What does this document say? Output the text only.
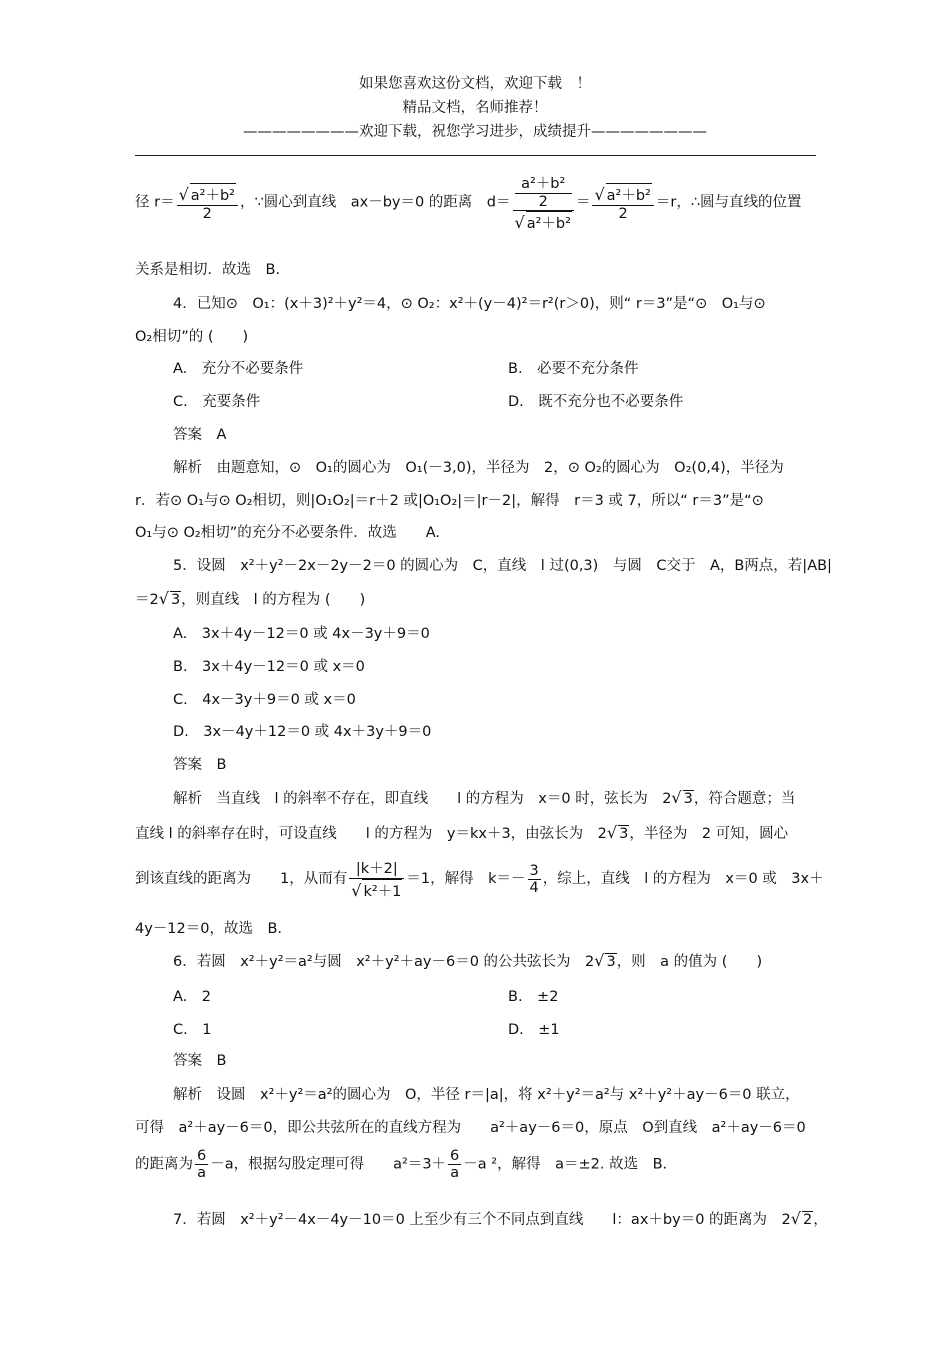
如果您喜欢这份文档，欢迎下载　！
精品文档，名师推荐！
————————欢迎下载，祝您学习进步，成绩提升————————
径 $r= \frac{\text{√ a²＋b²}}{2}$ ，∵圆心到直线　ax－by＝0 的距离　d＝ a²＋b²
2
√ $a^2+b^2 = \frac{\text{√ a²＋b²}}{2} =r$，∴圆与直线的位置
关系是相切．故选　B.
4．已知⊙　O₁：(x＋3)²＋y²＝4，⊙ O₂：x²＋(y－4)²＝r²(r＞0)，则“ r＝3”是“⊙　O₁与⊙
O₂相切”的 (　　)
A.　充分不必要条件	B.　必要不充分条件
C.　充要条件	D.　既不充分也不必要条件
答案　A
解析　由题意知，⊙　O₁的圆心为　O₁(－3,0)，半径为　2，⊙ O₂的圆心为　O₂(0,4)，半径为
r．若⊙ O₁与⊙ O₂相切，则|O₁O₂|＝r＋2 或|O₁O₂|＝|r－2|，解得　r＝3 或 7，所以“ r＝3”是“⊙
O₁与⊙ O₂相切”的充分不必要条件．故选　　A.
5．设圆　x²＋y²－2x－2y－2＝0 的圆心为　C，直线　l 过(0,3)　与圆　C交于　A，B两点，若|AB|
＝2√ 3，则直线　l 的方程为 (　　)
A.　3x＋4y－12＝0 或 4x－3y＋9＝0
B.　3x＋4y－12＝0 或 x＝0
C.　4x－3y＋9＝0 或 x＝0
D.　3x－4y＋12＝0 或 4x＋3y＋9＝0
答案　B
解析　当直线　l 的斜率不存在，即直线　　l 的方程为　x＝0 时，弦长为　2√ 3，符合题意；当
直线 l 的斜率存在时，可设直线　　l 的方程为　y＝kx＋3，由弦长为　2√ 3，半径为　2 可知，圆心
到该直线的距离为　　1，从而有 $\frac{|k+2|}{\text{√ k²＋1}} =1$，解得　$k=- \frac{3}{4}$ ，综上，直线　l 的方程为　x＝0 或　3x＋
4y－12＝0，故选　B.
6．若圆　x²＋y²＝a²与圆　x²＋y²＋ay－6＝0 的公共弦长为　2√ 3，则　a 的值为 (　　)
A.　2	B.　±2
C.　1	D.　±1
答案　B
解析　设圆　x²＋y²＝a²的圆心为　O，半径 r＝|a|，将 x²＋y²＝a²与 x²＋y²＋ay－6＝0 联立，
可得　a²＋ay－6＝0，即公共弦所在的直线方程为　　a²＋ay－6＝0，原点　O到直线　a²＋ay－6＝0
的距离为 $\frac{6}{a} -a$，根据勾股定理可得　　$a^2=3+ \frac{6}{a} -a$ ²，解得　a＝±2. 故选　B.
7．若圆　x²＋y²－4x－4y－10＝0 上至少有三个不同点到直线　　l：ax＋by＝0 的距离为　2√ 2，
